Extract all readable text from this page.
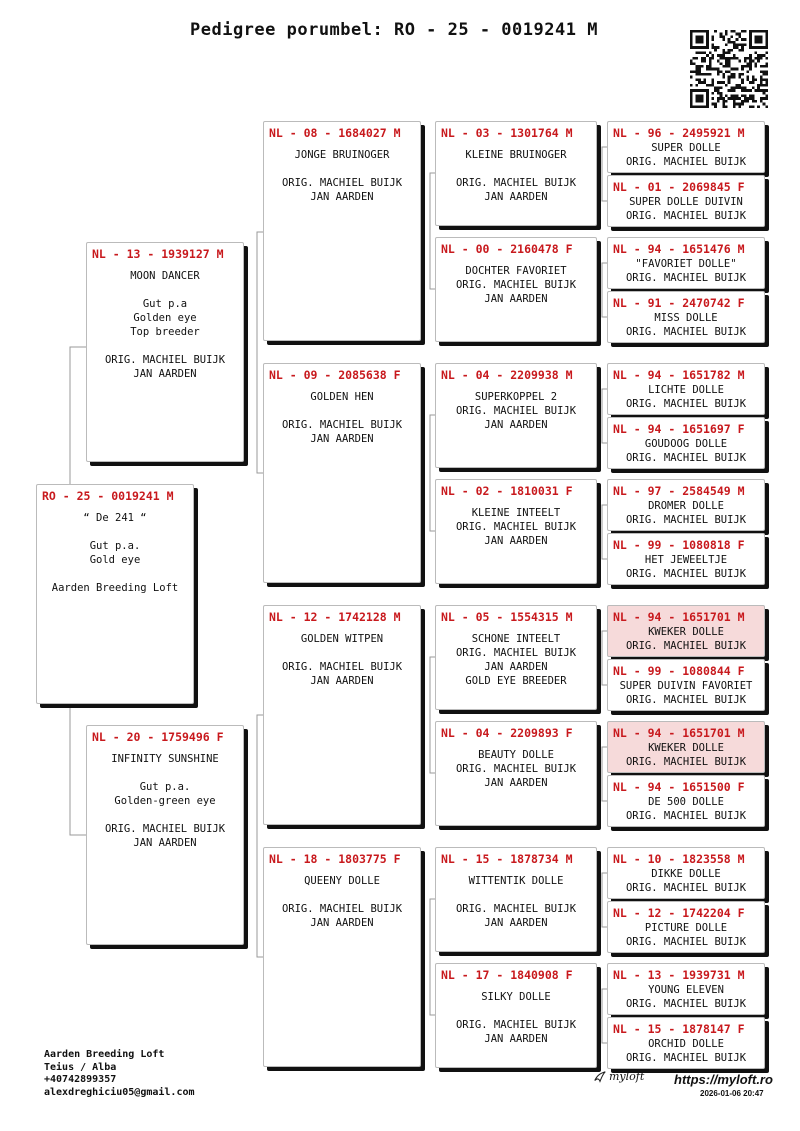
Pedigree porumbel: RO - 25 - 0019241 M
RO - 25 - 0019241 M
“ De 241 “

Gut p.a.
Gold eye

Aarden Breeding Loft
NL - 13 - 1939127 M
MOON DANCER

Gut p.a
Golden eye
Top breeder

ORIG. MACHIEL BUIJK
JAN AARDEN
NL - 20 - 1759496 F
INFINITY SUNSHINE

Gut p.a.
Golden-green eye

ORIG. MACHIEL BUIJK
JAN AARDEN
NL - 08 - 1684027 M
JONGE BRUINOGER

ORIG. MACHIEL BUIJK
JAN AARDEN
NL - 09 - 2085638 F
GOLDEN HEN

ORIG. MACHIEL BUIJK
JAN AARDEN
NL - 12 - 1742128 M
GOLDEN WITPEN

ORIG. MACHIEL BUIJK
JAN AARDEN
NL - 18 - 1803775 F
QUEENY DOLLE

ORIG. MACHIEL BUIJK
JAN AARDEN
NL - 03 - 1301764 M
KLEINE BRUINOGER

ORIG. MACHIEL BUIJK
JAN AARDEN
NL - 00 - 2160478 F
DOCHTER FAVORIET
ORIG. MACHIEL BUIJK
JAN AARDEN
NL - 04 - 2209938 M
SUPERKOPPEL 2
ORIG. MACHIEL BUIJK
JAN AARDEN
NL - 02 - 1810031 F
KLEINE INTEELT
ORIG. MACHIEL BUIJK
JAN AARDEN
NL - 05 - 1554315 M
SCHONE INTEELT
ORIG. MACHIEL BUIJK
JAN AARDEN
GOLD EYE BREEDER
NL - 04 - 2209893 F
BEAUTY DOLLE
ORIG. MACHIEL BUIJK
JAN AARDEN
NL - 15 - 1878734 M
WITTENTIK DOLLE

ORIG. MACHIEL BUIJK
JAN AARDEN
NL - 17 - 1840908 F
SILKY DOLLE

ORIG. MACHIEL BUIJK
JAN AARDEN
NL - 96 - 2495921 M
SUPER DOLLE
ORIG. MACHIEL BUIJK
NL - 01 - 2069845 F
SUPER DOLLE DUIVIN
ORIG. MACHIEL BUIJK
NL - 94 - 1651476 M
"FAVORIET DOLLE"
ORIG. MACHIEL BUIJK
NL - 91 - 2470742 F
MISS DOLLE
ORIG. MACHIEL BUIJK
NL - 94 - 1651782 M
LICHTE DOLLE
ORIG. MACHIEL BUIJK
NL - 94 - 1651697 F
GOUDOOG DOLLE
ORIG. MACHIEL BUIJK
NL - 97 - 2584549 M
DROMER DOLLE
ORIG. MACHIEL BUIJK
NL - 99 - 1080818 F
HET JEWEELTJE
ORIG. MACHIEL BUIJK
NL - 94 - 1651701 M
KWEKER DOLLE
ORIG. MACHIEL BUIJK
NL - 99 - 1080844 F
SUPER DUIVIN FAVORIET
ORIG. MACHIEL BUIJK
NL - 94 - 1651701 M
KWEKER DOLLE
ORIG. MACHIEL BUIJK
NL - 94 - 1651500 F
DE 500 DOLLE
ORIG. MACHIEL BUIJK
NL - 10 - 1823558 M
DIKKE DOLLE
ORIG. MACHIEL BUIJK
NL - 12 - 1742204 F
PICTURE DOLLE
ORIG. MACHIEL BUIJK
NL - 13 - 1939731 M
YOUNG ELEVEN
ORIG. MACHIEL BUIJK
NL - 15 - 1878147 F
ORCHID DOLLE
ORIG. MACHIEL BUIJK
Aarden Breeding Loft
Teius / Alba
+40742899357
alexdreghiciu05@gmail.com
myloft https://myloft.ro
2026-01-06 20:47
